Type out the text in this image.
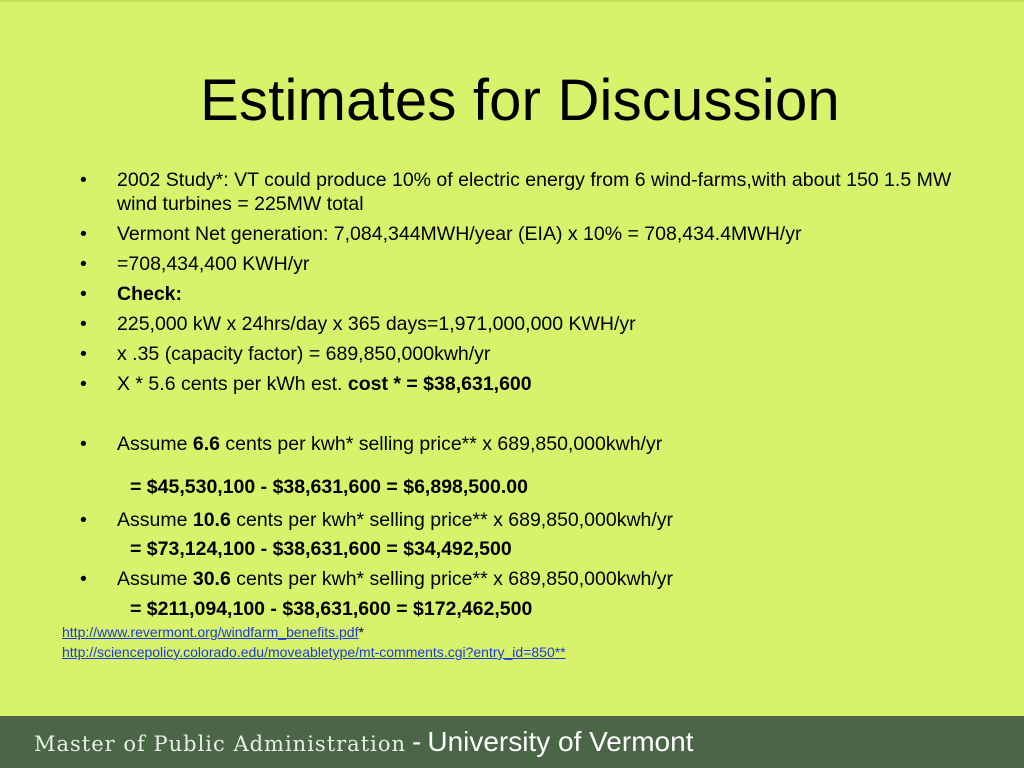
Estimates for Discussion
• 2002 Study*: VT could produce 10% of electric energy from 6 wind-farms,with about 150 1.5 MW wind turbines = 225MW total
• Vermont Net generation: 7,084,344MWH/year (EIA) x 10% = 708,434.4MWH/yr
• =708,434,400 KWH/yr
• Check:
• 225,000 kW x 24hrs/day x 365 days=1,971,000,000 KWH/yr
• x .35 (capacity factor) = 689,850,000kwh/yr
• X * 5.6 cents per kWh est. cost * = $38,631,600
• Assume 6.6 cents per kwh* selling price** x 689,850,000kwh/yr
= $45,530,100 - $38,631,600 = $6,898,500.00
• Assume 10.6 cents per kwh* selling price** x 689,850,000kwh/yr
= $73,124,100 - $38,631,600 = $34,492,500
• Assume 30.6 cents per kwh* selling price** x 689,850,000kwh/yr
= $211,094,100 - $38,631,600 = $172,462,500
http://www.revermont.org/windfarm_benefits.pdf*
http://sciencepolicy.colorado.edu/moveabletype/mt-comments.cgi?entry_id=850**
Master of Public Administration - University of Vermont
